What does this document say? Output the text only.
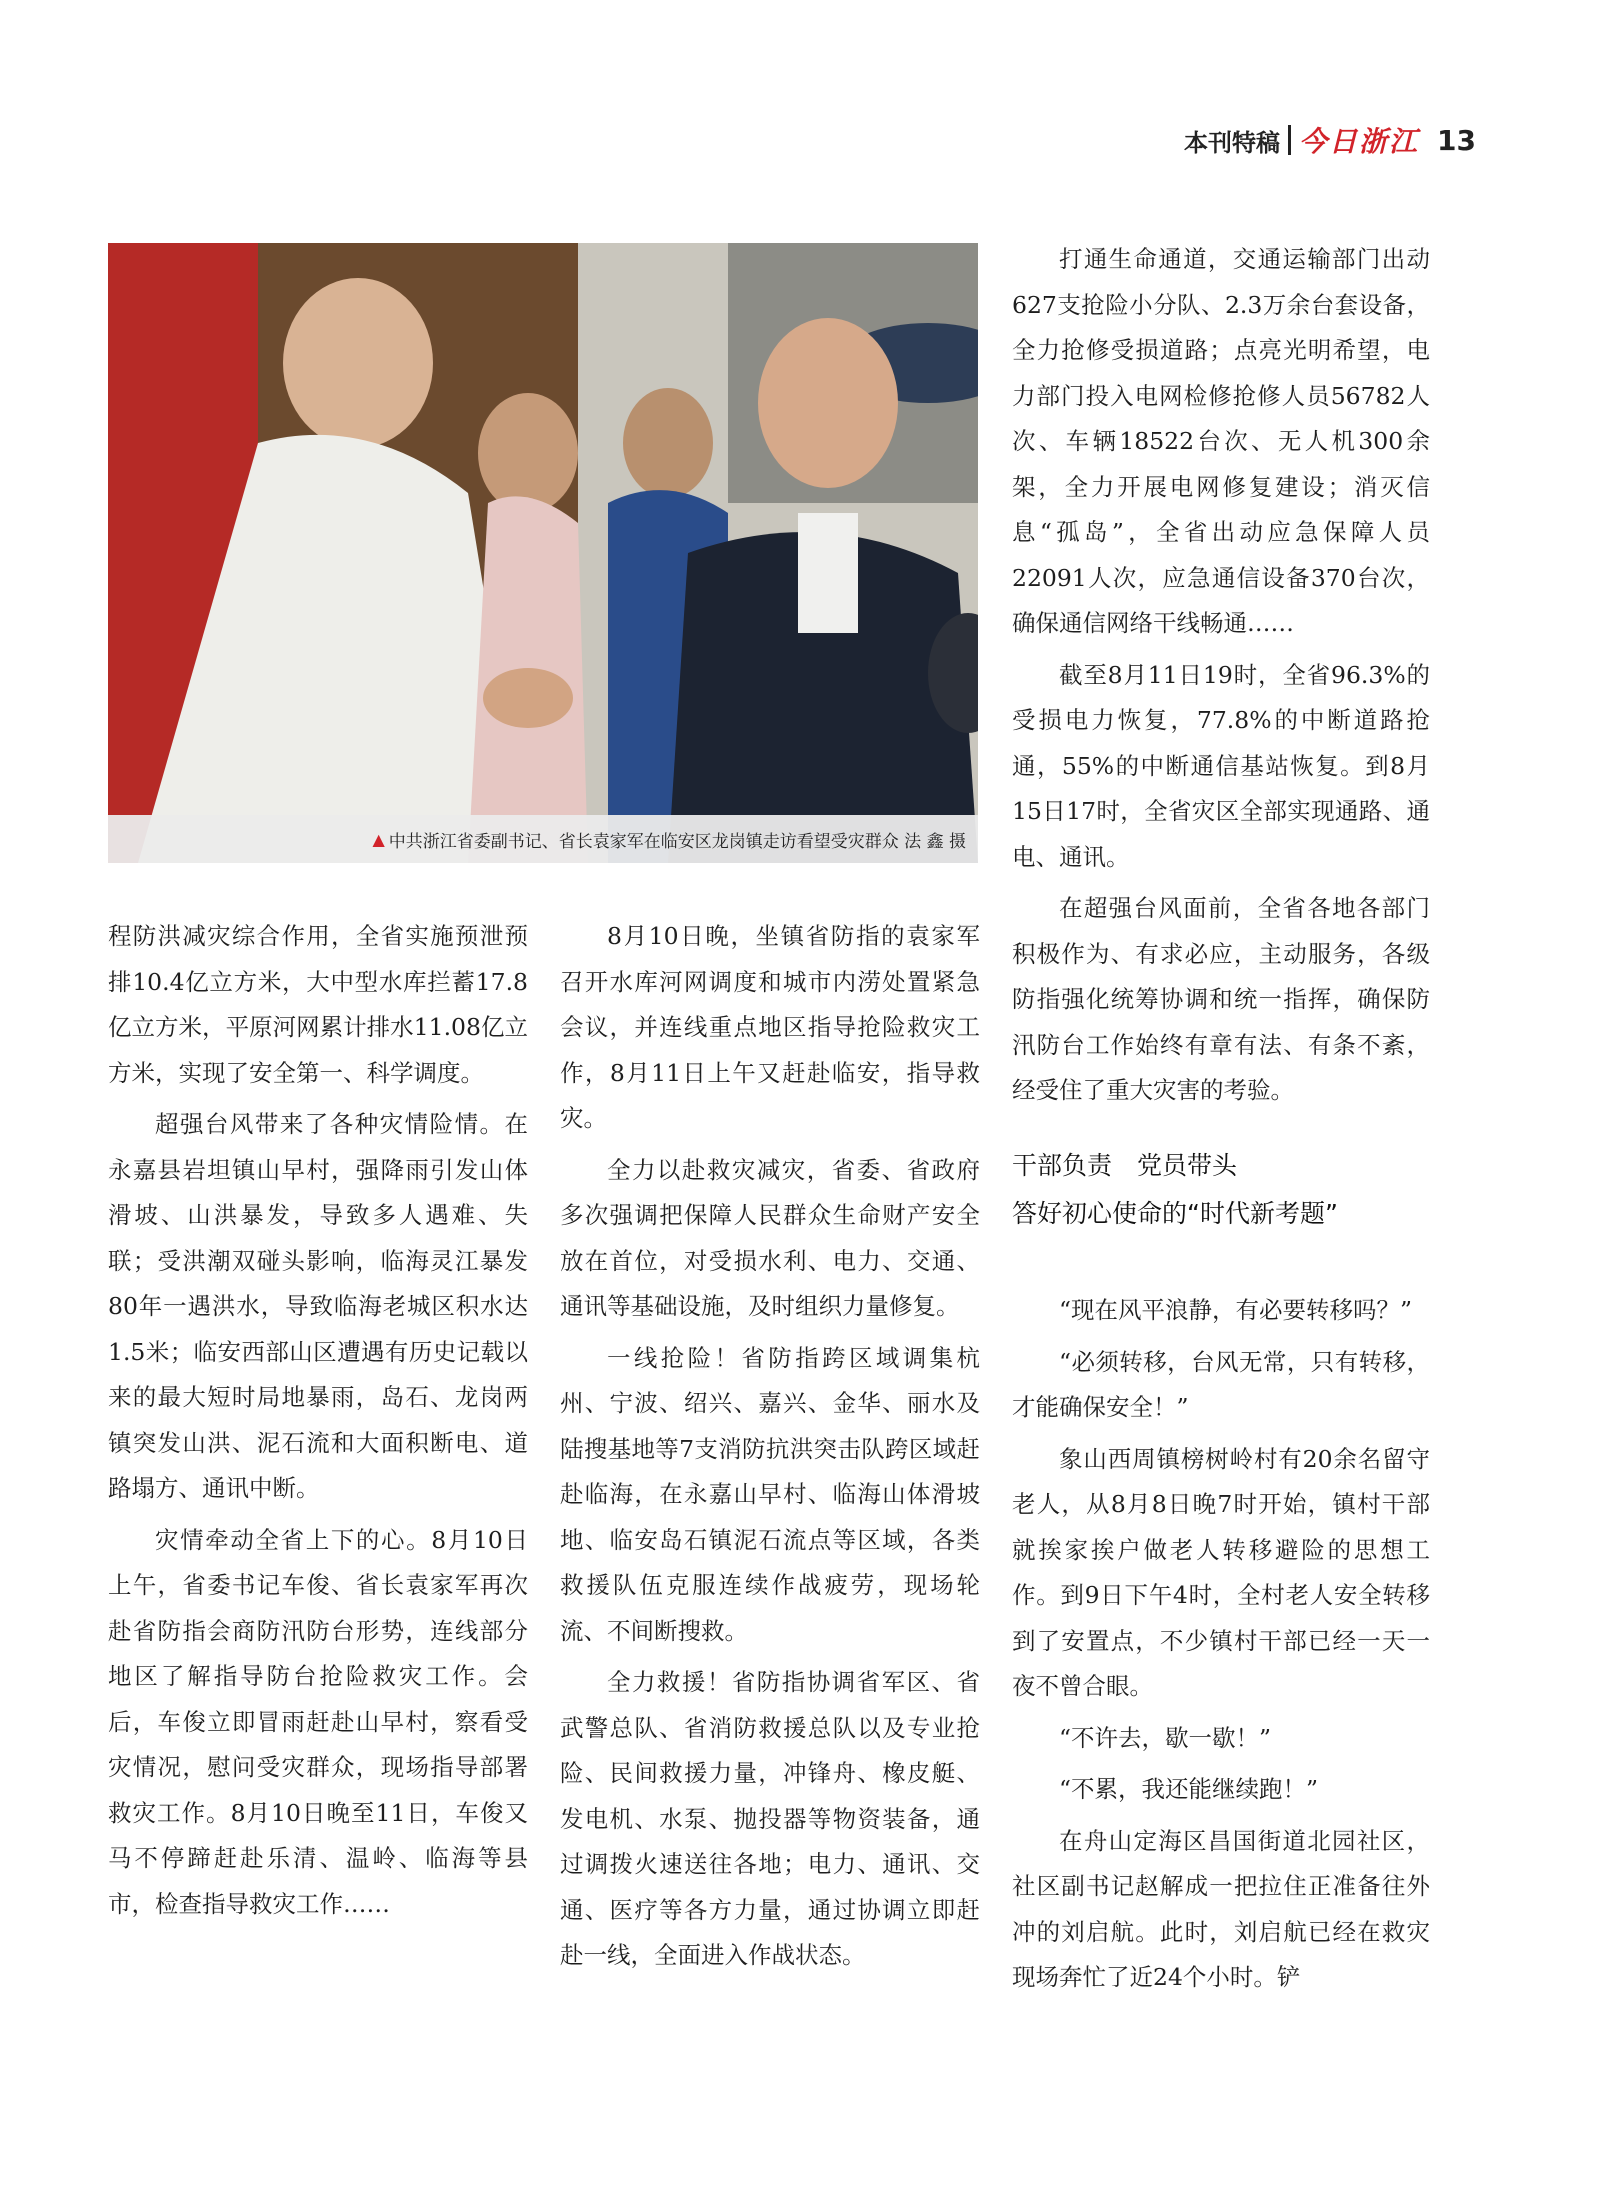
本刊特稿 今日浙江 13
▲ 中共浙江省委副书记、省长袁家军在临安区龙岗镇走访看望受灾群众 法 鑫 摄

程防洪减灾综合作用，全省实施预泄预排10.4亿立方米，大中型水库拦蓄17.8亿立方米，平原河网累计排水11.08亿立方米，实现了安全第一、科学调度。

超强台风带来了各种灾情险情。在永嘉县岩坦镇山早村，强降雨引发山体滑坡、山洪暴发，导致多人遇难、失联；受洪潮双碰头影响，临海灵江暴发80年一遇洪水，导致临海老城区积水达1.5米；临安西部山区遭遇有历史记载以来的最大短时局地暴雨，岛石、龙岗两镇突发山洪、泥石流和大面积断电、道路塌方、通讯中断。

灾情牵动全省上下的心。8月10日上午，省委书记车俊、省长袁家军再次赴省防指会商防汛防台形势，连线部分地区了解指导防台抢险救灾工作。会后，车俊立即冒雨赶赴山早村，察看受灾情况，慰问受灾群众，现场指导部署救灾工作。8月10日晚至11日，车俊又马不停蹄赶赴乐清、温岭、临海等县市，检查指导救灾工作……

8月10日晚，坐镇省防指的袁家军召开水库河网调度和城市内涝处置紧急会议，并连线重点地区指导抢险救灾工作，8月11日上午又赶赴临安，指导救灾。

全力以赴救灾减灾，省委、省政府多次强调把保障人民群众生命财产安全放在首位，对受损水利、电力、交通、通讯等基础设施，及时组织力量修复。

一线抢险！省防指跨区域调集杭州、宁波、绍兴、嘉兴、金华、丽水及陆搜基地等7支消防抗洪突击队跨区域赶赴临海，在永嘉山早村、临海山体滑坡地、临安岛石镇泥石流点等区域，各类救援队伍克服连续作战疲劳，现场轮流、不间断搜救。

全力救援！省防指协调省军区、省武警总队、省消防救援总队以及专业抢险、民间救援力量，冲锋舟、橡皮艇、发电机、水泵、抛投器等物资装备，通过调拨火速送往各地；电力、通讯、交通、医疗等各方力量，通过协调立即赶赴一线，全面进入作战状态。

打通生命通道，交通运输部门出动627支抢险小分队、2.3万余台套设备，全力抢修受损道路；点亮光明希望，电力部门投入电网检修抢修人员56782人次、车辆18522台次、无人机300余架，全力开展电网修复建设；消灭信息“孤岛”，全省出动应急保障人员22091人次，应急通信设备370台次，确保通信网络干线畅通……

截至8月11日19时，全省96.3%的受损电力恢复，77.8%的中断道路抢通，55%的中断通信基站恢复。到8月15日17时，全省灾区全部实现通路、通电、通讯。

在超强台风面前，全省各地各部门积极作为、有求必应，主动服务，各级防指强化统筹协调和统一指挥，确保防汛防台工作始终有章有法、有条不紊，经受住了重大灾害的考验。

干部负责　党员带头
答好初心使命的“时代新考题”

“现在风平浪静，有必要转移吗？”

“必须转移，台风无常，只有转移，才能确保安全！”

象山西周镇榜树岭村有20余名留守老人，从8月8日晚7时开始，镇村干部就挨家挨户做老人转移避险的思想工作。到9日下午4时，全村老人安全转移到了安置点，不少镇村干部已经一天一夜不曾合眼。

“不许去，歇一歇！”

“不累，我还能继续跑！”

在舟山定海区昌国街道北园社区，社区副书记赵解成一把拉住正准备往外冲的刘启航。此时，刘启航已经在救灾现场奔忙了近24个小时。铲
